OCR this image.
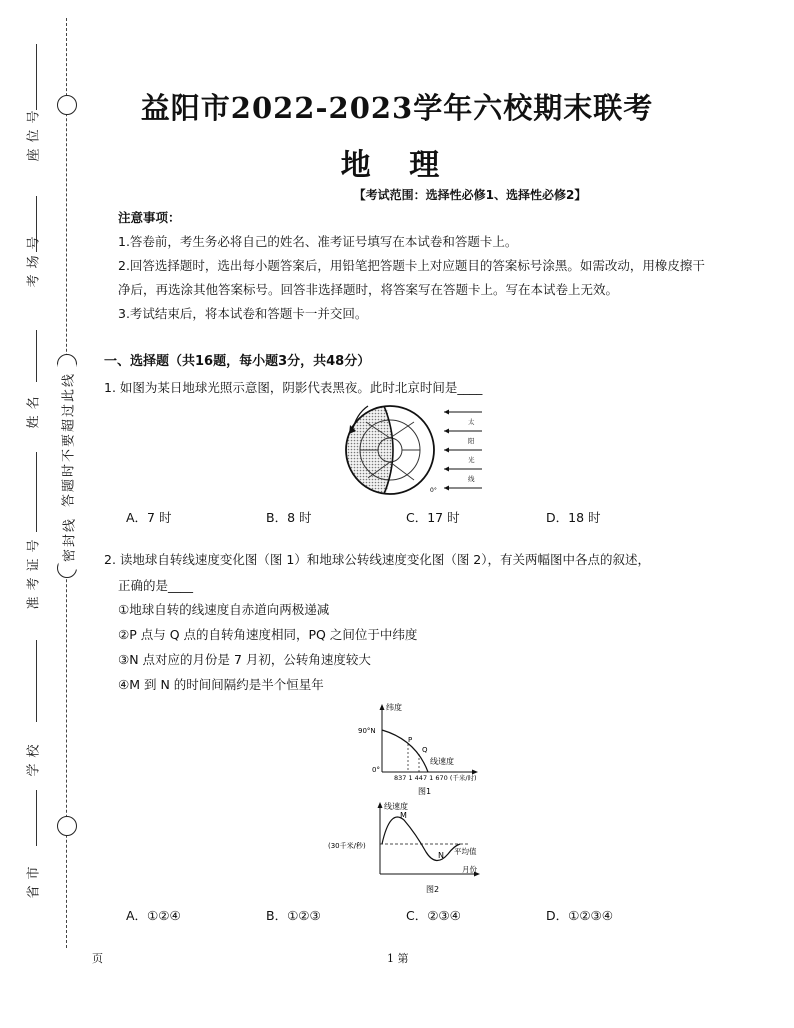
座位号
考场号
姓名
准考证号
学校
省市
答题时不要超过此线
密封线
益阳市2022-2023学年六校期末联考
地 理
【考试范围：选择性必修1、选择性必修2】
注意事项：
1.答卷前，考生务必将自己的姓名、准考证号填写在本试卷和答题卡上。
2.回答选择题时，选出每小题答案后，用铅笔把答题卡上对应题目的答案标号涂黑。如需改动，用橡皮擦干净后，再选涂其他答案标号。回答非选择题时，将答案写在答题卡上。写在本试卷上无效。
3.考试结束后，将本试卷和答题卡一并交回。
一、选择题（共16题，每小题3分，共48分）
1. 如图为某日地球光照示意图，阴影代表黑夜。此时北京时间是____
0°
太
阳
光
线
A．7 时	B．8 时	C．17 时	D．18 时
2. 读地球自转线速度变化图（图 1）和地球公转线速度变化图（图 2），有关两幅图中各点的叙述，
正确的是____
①地球自转的线速度自赤道向两极递减
②P 点与 Q 点的自转角速度相同，PQ 之间位于中纬度
③N 点对应的月份是 7 月初，公转角速度较大
④M 到 N 的时间间隔约是半个恒星年
纬度
90°N
0°
P
Q
线速度
837 1 447 1 670 (千米/时)
图1
线速度
(30千米/秒)
M
N 平均值
月份
图2
A．①②④	B．①②③	C．②③④	D．①②③④
页	1 第
